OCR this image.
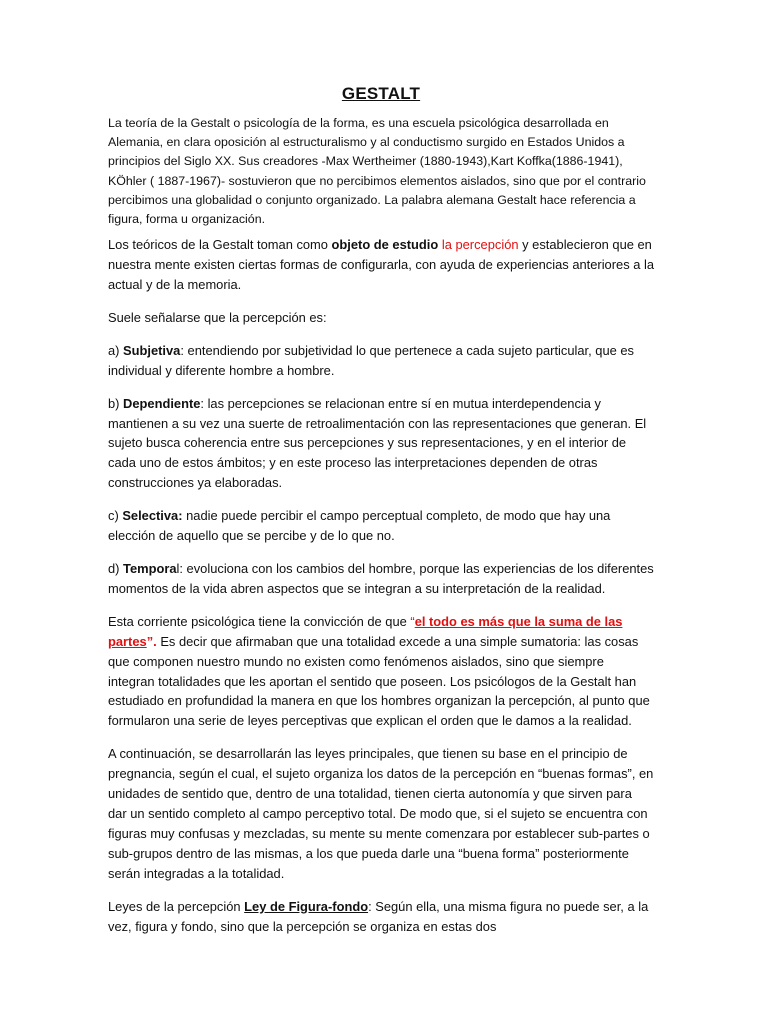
GESTALT

La teoría de la Gestalt o psicología de la forma, es una escuela psicológica desarrollada en Alemania, en clara oposición al estructuralismo y al conductismo surgido en Estados Unidos a principios del Siglo XX. Sus creadores -Max Wertheimer (1880-1943),Kart Koffka(1886-1941), KÖhler ( 1887-1967)- sostuvieron que no percibimos elementos aislados, sino que por el contrario percibimos una globalidad o conjunto organizado. La palabra alemana Gestalt hace referencia a figura, forma u organización.

Los teóricos de la Gestalt toman como objeto de estudio la percepción y establecieron que en nuestra mente existen ciertas formas de configurarla, con ayuda de experiencias anteriores a la actual y de la memoria.

Suele señalarse que la percepción es:

a) Subjetiva: entendiendo por subjetividad lo que pertenece a cada sujeto particular, que es individual y diferente hombre a hombre.

b) Dependiente: las percepciones se relacionan entre sí en mutua interdependencia y mantienen a su vez una suerte de retroalimentación con las representaciones que generan. El sujeto busca coherencia entre sus percepciones y sus representaciones, y en el interior de cada uno de estos ámbitos; y en este proceso las interpretaciones dependen de otras construcciones ya elaboradas.

c) Selectiva: nadie puede percibir el campo perceptual completo, de modo que hay una elección de aquello que se percibe y de lo que no.

d) Temporal: evoluciona con los cambios del hombre, porque las experiencias de los diferentes momentos de la vida abren aspectos que se integran a su interpretación de la realidad.

Esta corriente psicológica tiene la convicción de que “el todo es más que la suma de las partes”. Es decir que afirmaban que una totalidad excede a una simple sumatoria: las cosas que componen nuestro mundo no existen como fenómenos aislados, sino que siempre integran totalidades que les aportan el sentido que poseen. Los psicólogos de la Gestalt han estudiado en profundidad la manera en que los hombres organizan la percepción, al punto que formularon una serie de leyes perceptivas que explican el orden que le damos a la realidad.

A continuación, se desarrollarán las leyes principales, que tienen su base en el principio de pregnancia, según el cual, el sujeto organiza los datos de la percepción en “buenas formas”, en unidades de sentido que, dentro de una totalidad, tienen cierta autonomía y que sirven para dar un sentido completo al campo perceptivo total. De modo que, si el sujeto se encuentra con figuras muy confusas y mezcladas, su mente su mente comenzara por establecer sub-partes o sub-grupos dentro de las mismas, a los que pueda darle una “buena forma” posteriormente serán integradas a la totalidad.

Leyes de la percepción Ley de Figura-fondo: Según ella, una misma figura no puede ser, a la vez, figura y fondo, sino que la percepción se organiza en estas dos
